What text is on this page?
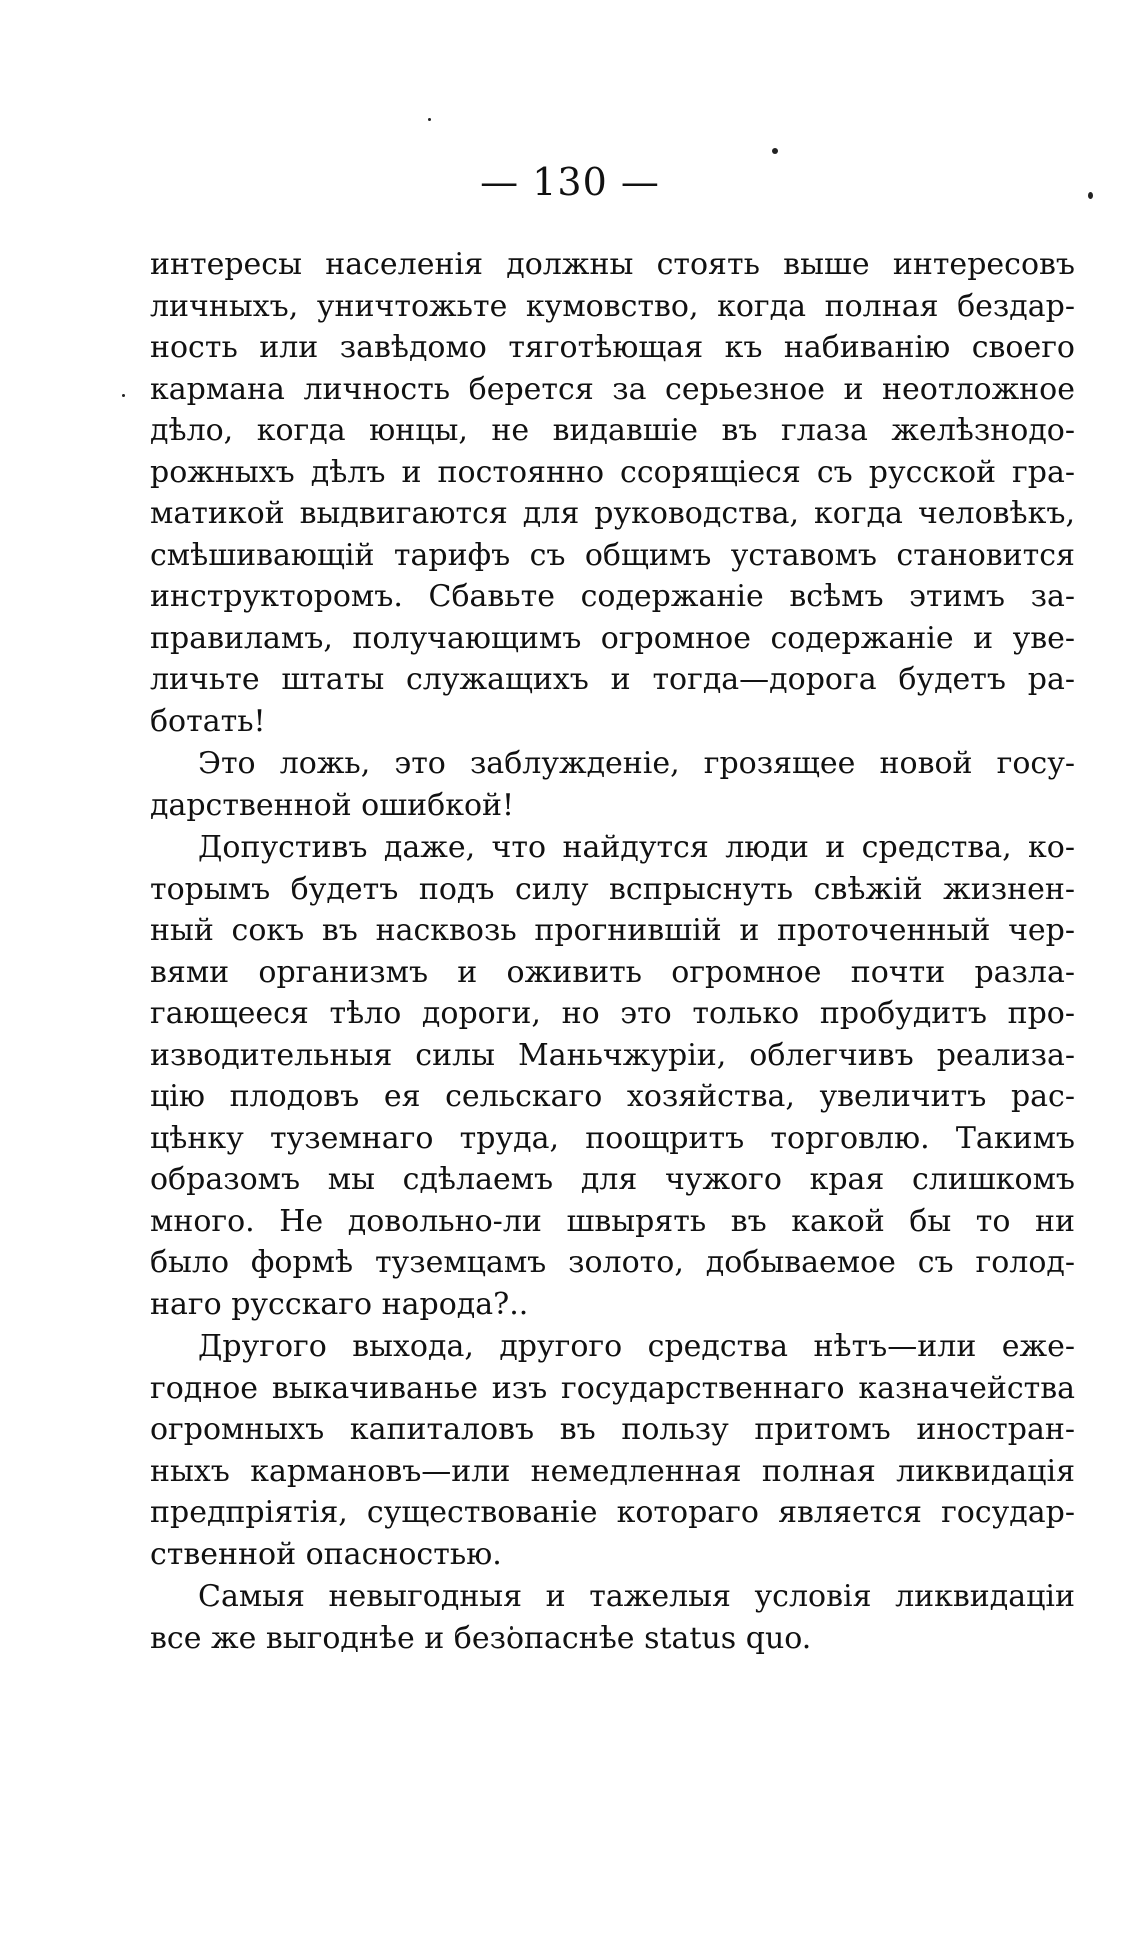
— 130 —
интересы населенія должны стоять выше интересовъ
личныхъ, уничтожьте кумовство, когда полная бездар-
ность или завѣдомо тяготѣющая къ набиванію своего
кармана личность берется за серьезное и неотложное
дѣло, когда юнцы, не видавшіе въ глаза желѣзнодо-
рожныхъ дѣлъ и постоянно ссорящіеся съ русской гра-
матикой выдвигаются для руководства, когда человѣкъ,
смѣшивающій тарифъ съ общимъ уставомъ становится
инструкторомъ. Сбавьте содержаніе всѣмъ этимъ за-
правиламъ, получающимъ огромное содержаніе и уве-
личьте штаты служащихъ и тогда—дорога будетъ ра-
ботать!
Это ложь, это заблужденіе, грозящее новой госу-
дарственной ошибкой!
Допустивъ даже, что найдутся люди и средства, ко-
торымъ будетъ подъ силу вспрыснуть свѣжій жизнен-
ный сокъ въ насквозь прогнившій и проточенный чер-
вями организмъ и оживить огромное почти разла-
гающееся тѣло дороги, но это только пробудитъ про-
изводительныя силы Маньчжуріи, облегчивъ реализа-
цію плодовъ ея сельскаго хозяйства, увеличитъ рас-
цѣнку туземнаго труда, поощритъ торговлю. Такимъ
образомъ мы сдѣлаемъ для чужого края слишкомъ
много. Не довольно-ли швырять въ какой бы то ни
было формѣ туземцамъ золото, добываемое съ голод-
наго русскаго народа?..
Другого выхода, другого средства нѣтъ—или еже-
годное выкачиванье изъ государственнаго казначейства
огромныхъ капиталовъ въ пользу притомъ иностран-
ныхъ кармановъ—или немедленная полная ликвидація
предпріятія, существованіе котораго является государ-
ственной опасностью.
Самыя невыгодныя и тажелыя условія ликвидаціи
все же выгоднѣе и безопаснѣе status quo.
